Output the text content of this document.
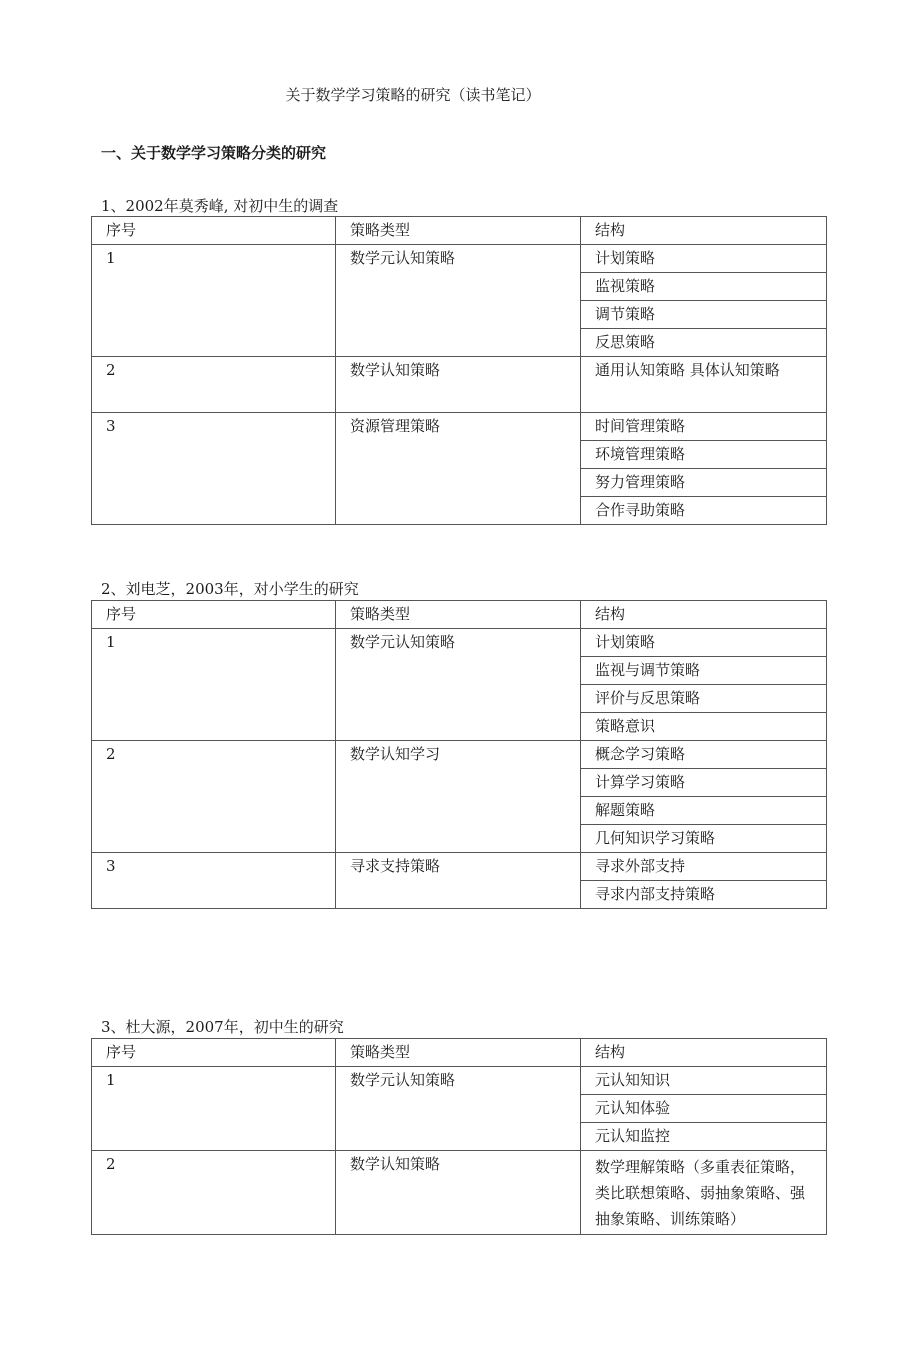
关于数学学习策略的研究（读书笔记）
一、关于数学学习策略分类的研究
1、2002年莫秀峰, 对初中生的调查
序号	策略类型	结构
1	数学元认知策略	计划策略
		监视策略
		调节策略
		反思策略
2	数学认知策略	通用认知策略 具体认知策略
3	资源管理策略	时间管理策略
		环境管理策略
		努力管理策略
		合作寻助策略
2、刘电芝，2003年，对小学生的研究
序号	策略类型	结构
1	数学元认知策略	计划策略
		监视与调节策略
		评价与反思策略
		策略意识
2	数学认知学习	概念学习策略
		计算学习策略
		解题策略
		几何知识学习策略
3	寻求支持策略	寻求外部支持
		寻求内部支持策略
3、杜大源，2007年，初中生的研究
序号	策略类型	结构
1	数学元认知策略	元认知知识
		元认知体验
		元认知监控
2	数学认知策略	数学理解策略（多重表征策略，类比联想策略、弱抽象策略、强抽象策略、训练策略）
